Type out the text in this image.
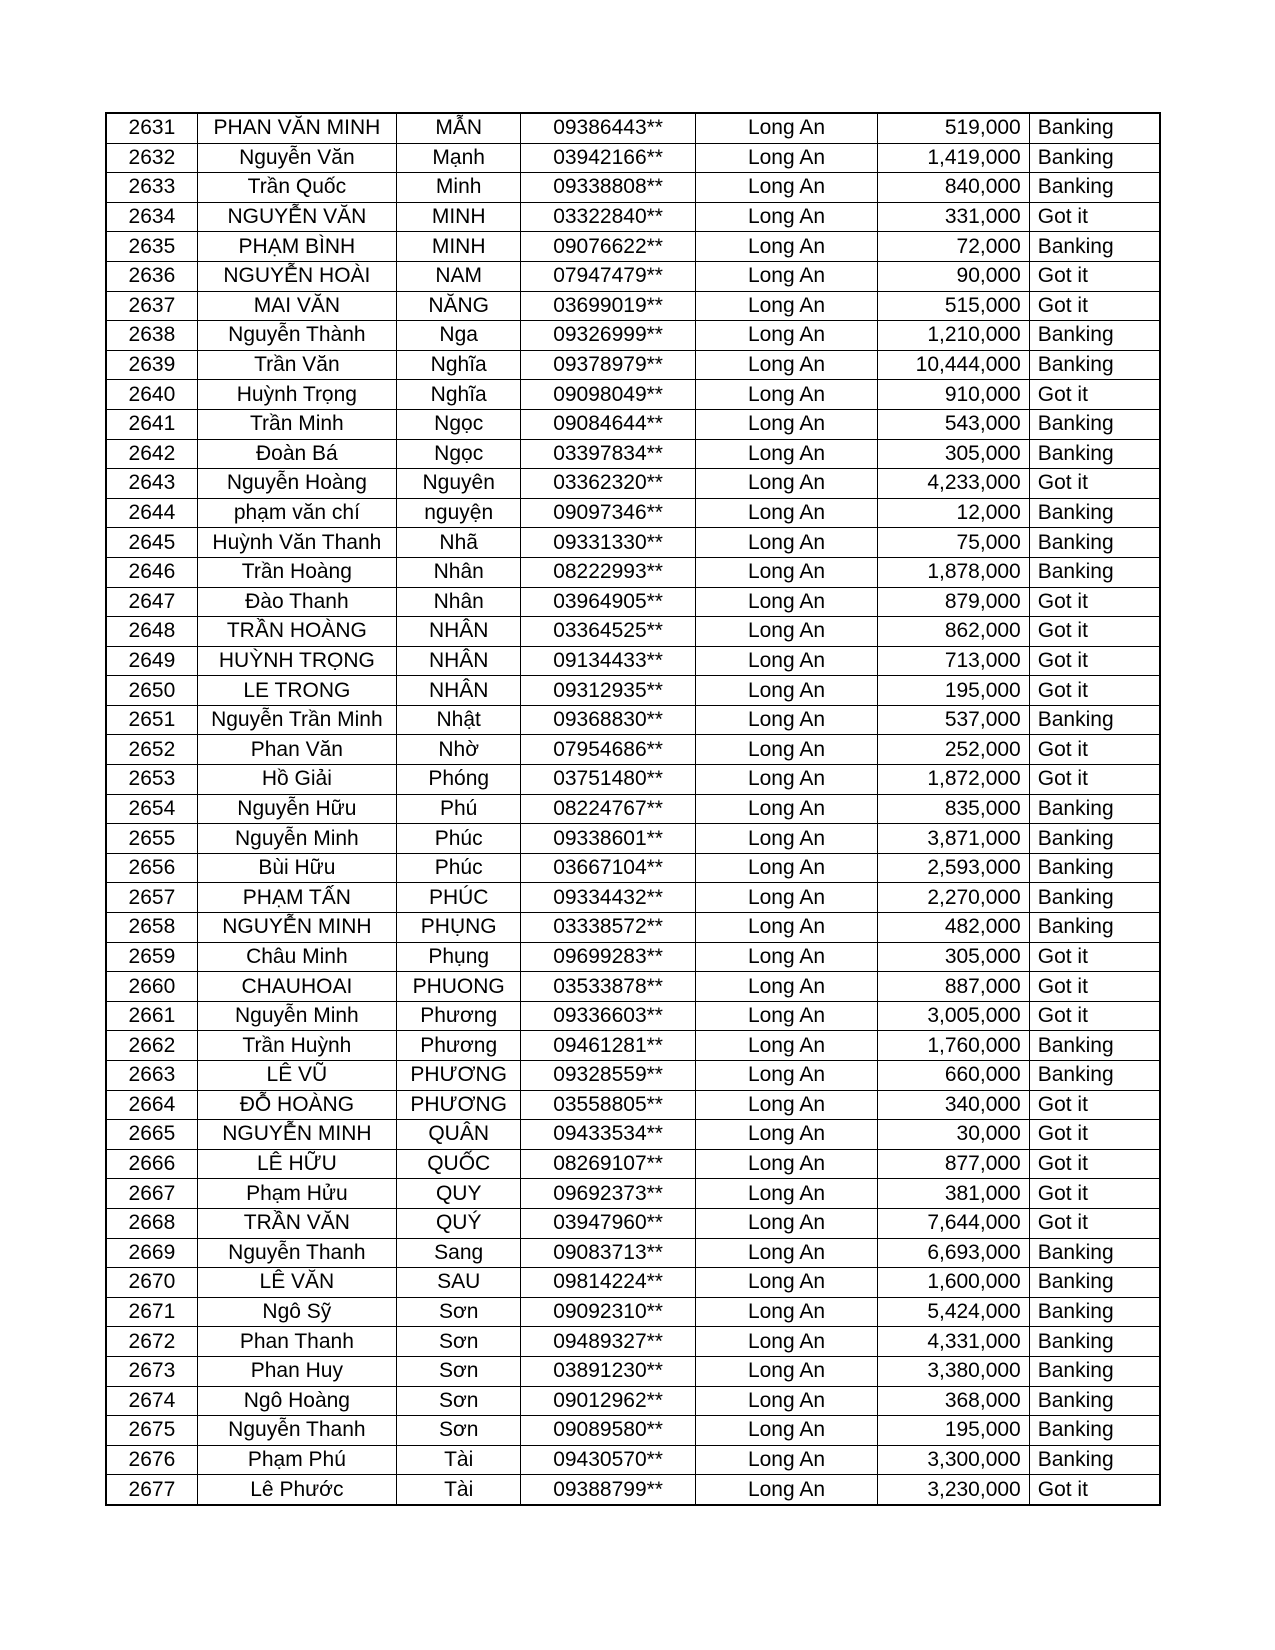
2631	PHAN VĂN MINH	MẪN	09386443**	Long An	519,000	Banking
2632	Nguyễn Văn	Mạnh	03942166**	Long An	1,419,000	Banking
2633	Trần Quốc	Minh	09338808**	Long An	840,000	Banking
2634	NGUYỄN VĂN	MINH	03322840**	Long An	331,000	Got it
2635	PHẠM BÌNH	MINH	09076622**	Long An	72,000	Banking
2636	NGUYỄN HOÀI	NAM	07947479**	Long An	90,000	Got it
2637	MAI VĂN	NĂNG	03699019**	Long An	515,000	Got it
2638	Nguyễn Thành	Nga	09326999**	Long An	1,210,000	Banking
2639	Trần Văn	Nghĩa	09378979**	Long An	10,444,000	Banking
2640	Huỳnh Trọng	Nghĩa	09098049**	Long An	910,000	Got it
2641	Trần Minh	Ngọc	09084644**	Long An	543,000	Banking
2642	Đoàn Bá	Ngọc	03397834**	Long An	305,000	Banking
2643	Nguyễn Hoàng	Nguyên	03362320**	Long An	4,233,000	Got it
2644	phạm văn chí	nguyện	09097346**	Long An	12,000	Banking
2645	Huỳnh Văn Thanh	Nhã	09331330**	Long An	75,000	Banking
2646	Trần Hoàng	Nhân	08222993**	Long An	1,878,000	Banking
2647	Đào Thanh	Nhân	03964905**	Long An	879,000	Got it
2648	TRẦN HOÀNG	NHÂN	03364525**	Long An	862,000	Got it
2649	HUỲNH TRỌNG	NHÂN	09134433**	Long An	713,000	Got it
2650	LE TRONG	NHÂN	09312935**	Long An	195,000	Got it
2651	Nguyễn Trần Minh	Nhật	09368830**	Long An	537,000	Banking
2652	Phan Văn	Nhờ	07954686**	Long An	252,000	Got it
2653	Hồ Giải	Phóng	03751480**	Long An	1,872,000	Got it
2654	Nguyễn Hữu	Phú	08224767**	Long An	835,000	Banking
2655	Nguyễn Minh	Phúc	09338601**	Long An	3,871,000	Banking
2656	Bùi Hữu	Phúc	03667104**	Long An	2,593,000	Banking
2657	PHẠM TẤN	PHÚC	09334432**	Long An	2,270,000	Banking
2658	NGUYỄN MINH	PHỤNG	03338572**	Long An	482,000	Banking
2659	Châu Minh	Phụng	09699283**	Long An	305,000	Got it
2660	CHAUHOAI	PHUONG	03533878**	Long An	887,000	Got it
2661	Nguyễn Minh	Phương	09336603**	Long An	3,005,000	Got it
2662	Trần Huỳnh	Phương	09461281**	Long An	1,760,000	Banking
2663	LÊ VŨ	PHƯƠNG	09328559**	Long An	660,000	Banking
2664	ĐỖ HOÀNG	PHƯƠNG	03558805**	Long An	340,000	Got it
2665	NGUYỄN MINH	QUÂN	09433534**	Long An	30,000	Got it
2666	LÊ HỮU	QUỐC	08269107**	Long An	877,000	Got it
2667	Phạm Hửu	QUY	09692373**	Long An	381,000	Got it
2668	TRẦN VĂN	QUÝ	03947960**	Long An	7,644,000	Got it
2669	Nguyễn Thanh	Sang	09083713**	Long An	6,693,000	Banking
2670	LÊ VĂN	SAU	09814224**	Long An	1,600,000	Banking
2671	Ngô Sỹ	Sơn	09092310**	Long An	5,424,000	Banking
2672	Phan Thanh	Sơn	09489327**	Long An	4,331,000	Banking
2673	Phan Huy	Sơn	03891230**	Long An	3,380,000	Banking
2674	Ngô Hoàng	Sơn	09012962**	Long An	368,000	Banking
2675	Nguyễn Thanh	Sơn	09089580**	Long An	195,000	Banking
2676	Phạm Phú	Tài	09430570**	Long An	3,300,000	Banking
2677	Lê Phước	Tài	09388799**	Long An	3,230,000	Got it
